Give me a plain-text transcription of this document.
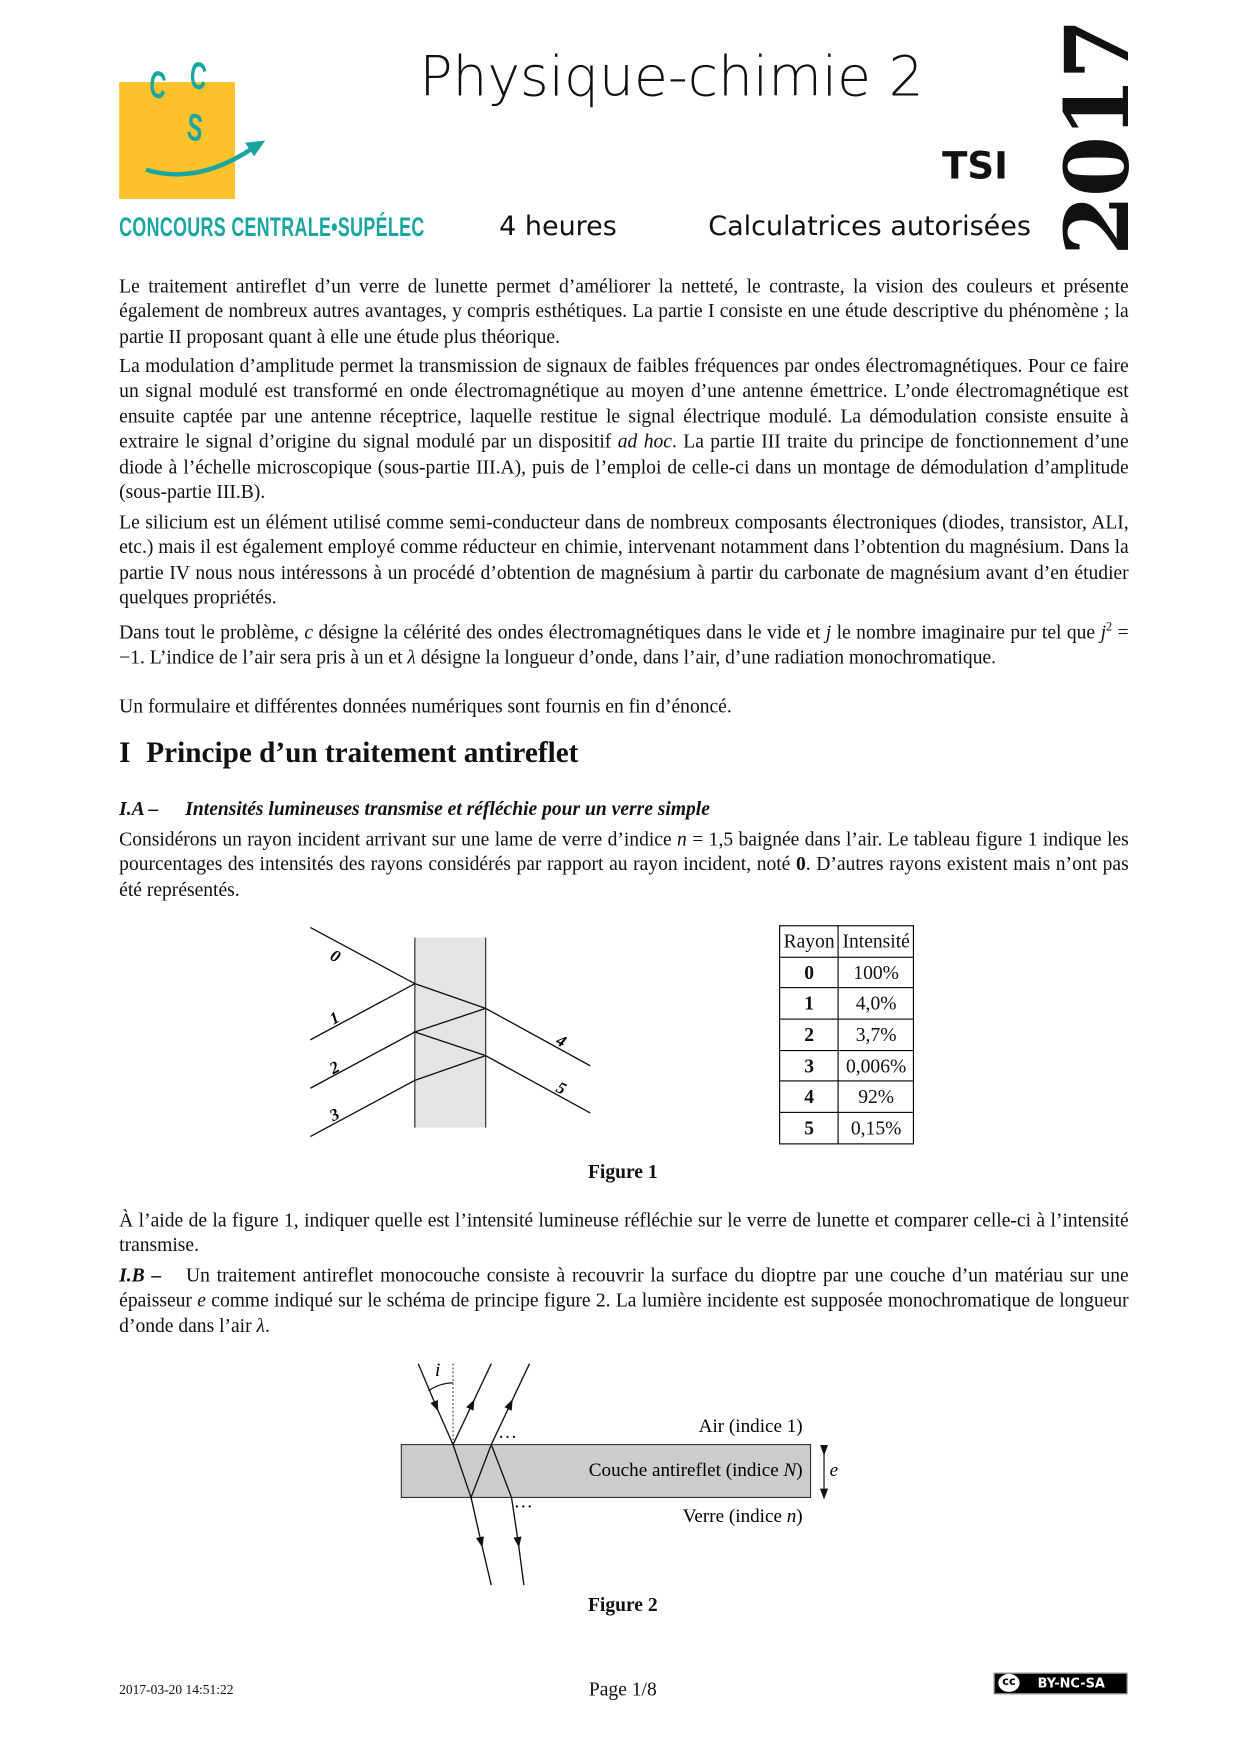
C C
S
CONCOURS CENTRALE•SUPÉLEC
Physique-chimie 2
TSI
4 heures	Calculatrices autorisées 2017
Le traitement antireflet d’un verre de lunette permet d’améliorer la netteté, le contraste, la vision des couleurs et présente également de nombreux autres avantages, y compris esthétiques. La partie I consiste en une étude descriptive du phénomène ; la partie II proposant quant à elle une étude plus théorique.
La modulation d’amplitude permet la transmission de signaux de faibles fréquences par ondes électromagnétiques. Pour ce faire un signal modulé est transformé en onde électromagnétique au moyen d’une antenne émettrice. L’onde électromagnétique est ensuite captée par une antenne réceptrice, laquelle restitue le signal électrique modulé. La démodulation consiste ensuite à extraire le signal d’origine du signal modulé par un dispositif ad hoc. La partie III traite du principe de fonctionnement d’une diode à l’échelle microscopique (sous-partie III.A), puis de l’emploi de celle-ci dans un montage de démodulation d’amplitude (sous-partie III.B).
Le silicium est un élément utilisé comme semi-conducteur dans de nombreux composants électroniques (diodes, transistor, ALI, etc.) mais il est également employé comme réducteur en chimie, intervenant notamment dans l’obtention du magnésium. Dans la partie IV nous nous intéressons à un procédé d’obtention de magnésium à partir du carbonate de magnésium avant d’en étudier quelques propriétés.
Dans tout le problème, c désigne la célérité des ondes électromagnétiques dans le vide et j le nombre imaginaire pur tel que $j^2 = -1$. L’indice de l’air sera pris à un et λ désigne la longueur d’onde, dans l’air, d’une radiation monochromatique.
Un formulaire et différentes données numériques sont fournis en fin d’énoncé.
I Principe d’un traitement antireflet
I.A – Intensités lumineuses transmise et réfléchie pour un verre simple
Considérons un rayon incident arrivant sur une lame de verre d’indice n = 1,5 baignée dans l’air. Le tableau figure 1 indique les pourcentages des intensités des rayons considérés par rapport au rayon incident, noté 0. D’autres rayons existent mais n’ont pas été représentés.
0
1
2
3
4
5
Rayon	Intensité
0	100%
1	4,0%
2	3,7%
3	0,006%
4	92%
5	0,15%
Figure 1
À l’aide de la figure 1, indiquer quelle est l’intensité lumineuse réfléchie sur le verre de lunette et comparer celle-ci à l’intensité transmise.
I.B – Un traitement antireflet monocouche consiste à recouvrir la surface du dioptre par une couche d’un matériau sur une épaisseur e comme indiqué sur le schéma de principe figure 2. La lumière incidente est supposée monochromatique de longueur d’onde dans l’air λ.
i
…
…
Air (indice 1)
Couche antireflet (indice N)
Verre (indice n)
e
Figure 2
2017-03-20 14:51:22	Page 1/8	cc	BY-NC-SA
